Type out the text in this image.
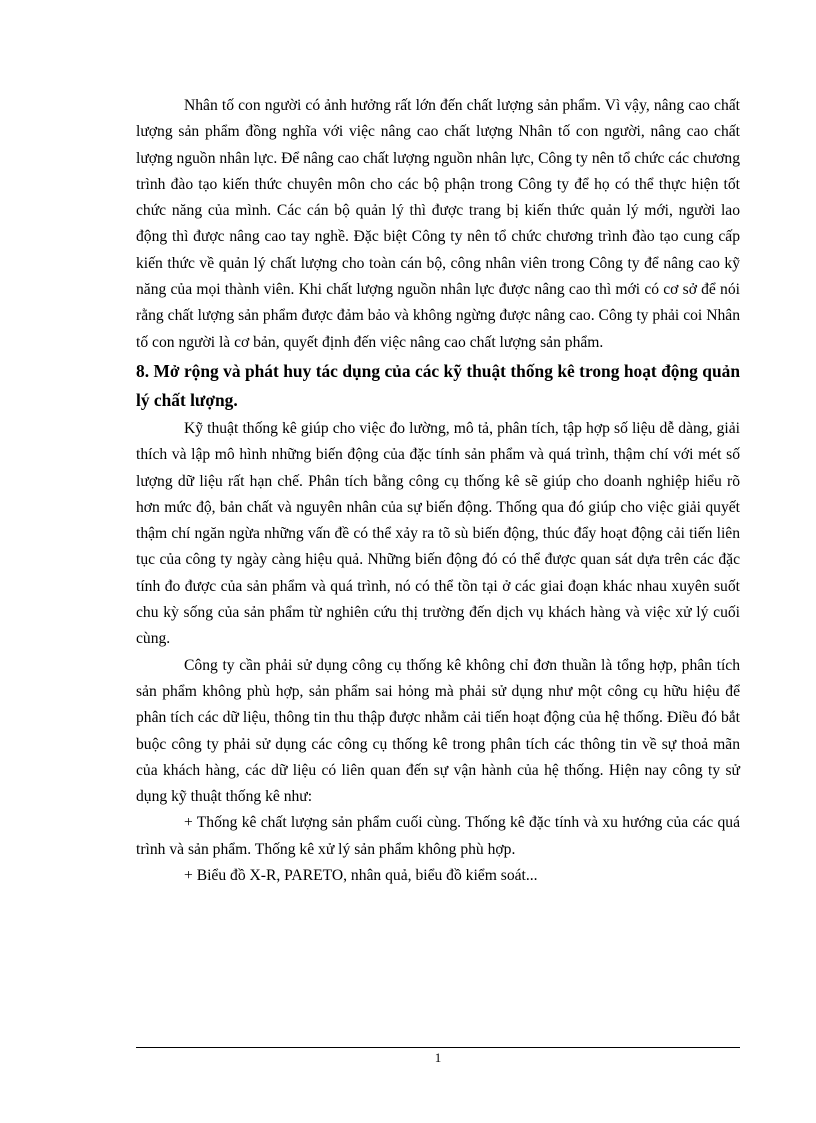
Nhân tố con người có ảnh hưởng rất lớn đến chất lượng sản phẩm. Vì vậy, nâng cao chất lượng sản phẩm đồng nghĩa với việc nâng cao chất lượng Nhân tố con người, nâng cao chất lượng nguồn nhân lực. Để nâng cao chất lượng nguồn nhân lực, Công ty nên tổ chức các chương trình đào tạo kiến thức chuyên môn cho các bộ phận trong Công ty để họ có thể thực hiện tốt chức năng của mình. Các cán bộ quản lý thì được trang bị kiến thức quản lý mới, người lao động thì được nâng cao tay nghề. Đặc biệt Công ty nên tổ chức chương trình đào tạo cung cấp kiến thức về quản lý chất lượng cho toàn cán bộ, công nhân viên trong Công ty để nâng cao kỹ năng của mọi thành viên. Khi chất lượng nguồn nhân lực được nâng cao thì mới có cơ sở để nói rằng chất lượng sản phẩm được đảm bảo và không ngừng được nâng cao. Công ty phải coi Nhân tố con người là cơ bản, quyết định đến việc nâng cao chất lượng sản phẩm.

8. Mở rộng và phát huy tác dụng của các kỹ thuật thống kê trong hoạt động quản lý chất lượng.

Kỹ thuật thống kê giúp cho việc đo lường, mô tả, phân tích, tập hợp số liệu dễ dàng, giải thích và lập mô hình những biến động của đặc tính sản phẩm và quá trình, thậm chí với mét số lượng dữ liệu rất hạn chế. Phân tích bằng công cụ thống kê sẽ giúp cho doanh nghiệp hiểu rõ hơn mức độ, bản chất và nguyên nhân của sự biến động. Thống qua đó giúp cho việc giải quyết thậm chí ngăn ngừa những vấn đề có thể xảy ra tõ sù biến động, thúc đẩy hoạt động cải tiến liên tục của công ty ngày càng hiệu quả. Những biến động đó có thể được quan sát dựa trên các đặc tính đo được của sản phẩm và quá trình, nó có thể tồn tại ở các giai đoạn khác nhau xuyên suốt chu kỳ sống của sản phẩm từ nghiên cứu thị trường đến dịch vụ khách hàng và việc xử lý cuối cùng.

Công ty cần phải sử dụng công cụ thống kê không chỉ đơn thuần là tổng hợp, phân tích sản phẩm không phù hợp, sản phẩm sai hỏng mà phải sử dụng như một công cụ hữu hiệu để phân tích các dữ liệu, thông tin thu thập được nhằm cải tiến hoạt động của hệ thống. Điều đó bắt buộc công ty phải sử dụng các công cụ thống kê trong phân tích các thông tin về sự thoả mãn của khách hàng, các dữ liệu có liên quan đến sự vận hành của hệ thống. Hiện nay công ty sử dụng kỹ thuật thống kê như:

+ Thống kê chất lượng sản phẩm cuối cùng. Thống kê đặc tính và xu hướng của các quá trình và sản phẩm. Thống kê xử lý sản phẩm không phù hợp.

+ Biểu đồ X-R, PARETO, nhân quả, biểu đồ kiểm soát...

1
